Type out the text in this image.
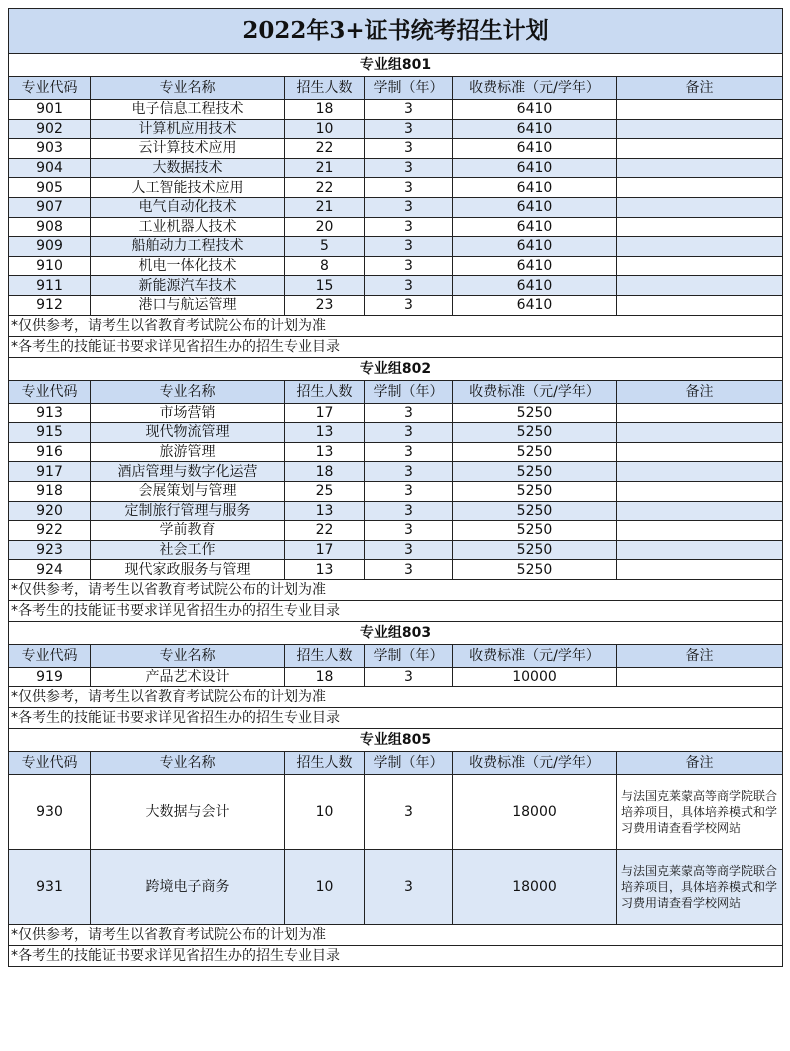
2022年3+证书统考招生计划					
专业组801					
专业代码	专业名称	招生人数	学制（年）	收费标准（元/学年）	备注
901	电子信息工程技术	18	3	6410	
902	计算机应用技术	10	3	6410	
903	云计算技术应用	22	3	6410	
904	大数据技术	21	3	6410	
905	人工智能技术应用	22	3	6410	
907	电气自动化技术	21	3	6410	
908	工业机器人技术	20	3	6410	
909	船舶动力工程技术	5	3	6410	
910	机电一体化技术	8	3	6410	
911	新能源汽车技术	15	3	6410	
912	港口与航运管理	23	3	6410	
*仅供参考，请考生以省教育考试院公布的计划为准					
*各考生的技能证书要求详见省招生办的招生专业目录					
专业组802					
专业代码	专业名称	招生人数	学制（年）	收费标准（元/学年）	备注
913	市场营销	17	3	5250	
915	现代物流管理	13	3	5250	
916	旅游管理	13	3	5250	
917	酒店管理与数字化运营	18	3	5250	
918	会展策划与管理	25	3	5250	
920	定制旅行管理与服务	13	3	5250	
922	学前教育	22	3	5250	
923	社会工作	17	3	5250	
924	现代家政服务与管理	13	3	5250	
*仅供参考，请考生以省教育考试院公布的计划为准					
*各考生的技能证书要求详见省招生办的招生专业目录					
专业组803					
专业代码	专业名称	招生人数	学制（年）	收费标准（元/学年）	备注
919	产品艺术设计	18	3	10000	
*仅供参考，请考生以省教育考试院公布的计划为准					
*各考生的技能证书要求详见省招生办的招生专业目录					
专业组805					
专业代码	专业名称	招生人数	学制（年）	收费标准（元/学年）	备注
930	大数据与会计	10	3	18000	与法国克莱蒙高等商学院联合培养项目，具体培养模式和学习费用请查看学校网站
931	跨境电子商务	10	3	18000	与法国克莱蒙高等商学院联合培养项目，具体培养模式和学习费用请查看学校网站
*仅供参考，请考生以省教育考试院公布的计划为准					
*各考生的技能证书要求详见省招生办的招生专业目录					
